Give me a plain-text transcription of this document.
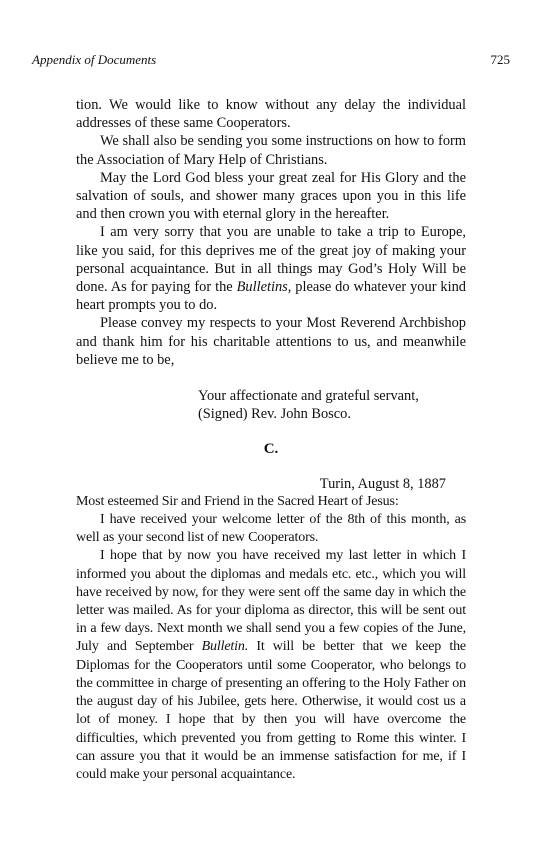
Appendix of Documents	725

tion. We would like to know without any delay the individual addresses of these same Cooperators.

We shall also be sending you some instructions on how to form the Association of Mary Help of Christians.

May the Lord God bless your great zeal for His Glory and the salvation of souls, and shower many graces upon you in this life and then crown you with eternal glory in the hereafter.

I am very sorry that you are unable to take a trip to Europe, like you said, for this deprives me of the great joy of making your personal acquaintance. But in all things may God’s Holy Will be done. As for paying for the Bulletins, please do whatever your kind heart prompts you to do.

Please convey my respects to your Most Reverend Archbishop and thank him for his charitable attentions to us, and meanwhile believe me to be,

Your affectionate and grateful servant,
(Signed) Rev. John Bosco.
C.
Turin, August 8, 1887

Most esteemed Sir and Friend in the Sacred Heart of Jesus:

I have received your welcome letter of the 8th of this month, as well as your second list of new Cooperators.

I hope that by now you have received my last letter in which I informed you about the diplomas and medals etc. etc., which you will have received by now, for they were sent off the same day in which the letter was mailed. As for your diploma as director, this will be sent out in a few days. Next month we shall send you a few copies of the June, July and September Bulletin. It will be better that we keep the Diplomas for the Cooperators until some Cooperator, who belongs to the committee in charge of presenting an offering to the Holy Father on the august day of his Jubilee, gets here. Otherwise, it would cost us a lot of money. I hope that by then you will have overcome the difficulties, which prevented you from getting to Rome this winter. I can assure you that it would be an immense satisfaction for me, if I could make your personal acquaintance.
